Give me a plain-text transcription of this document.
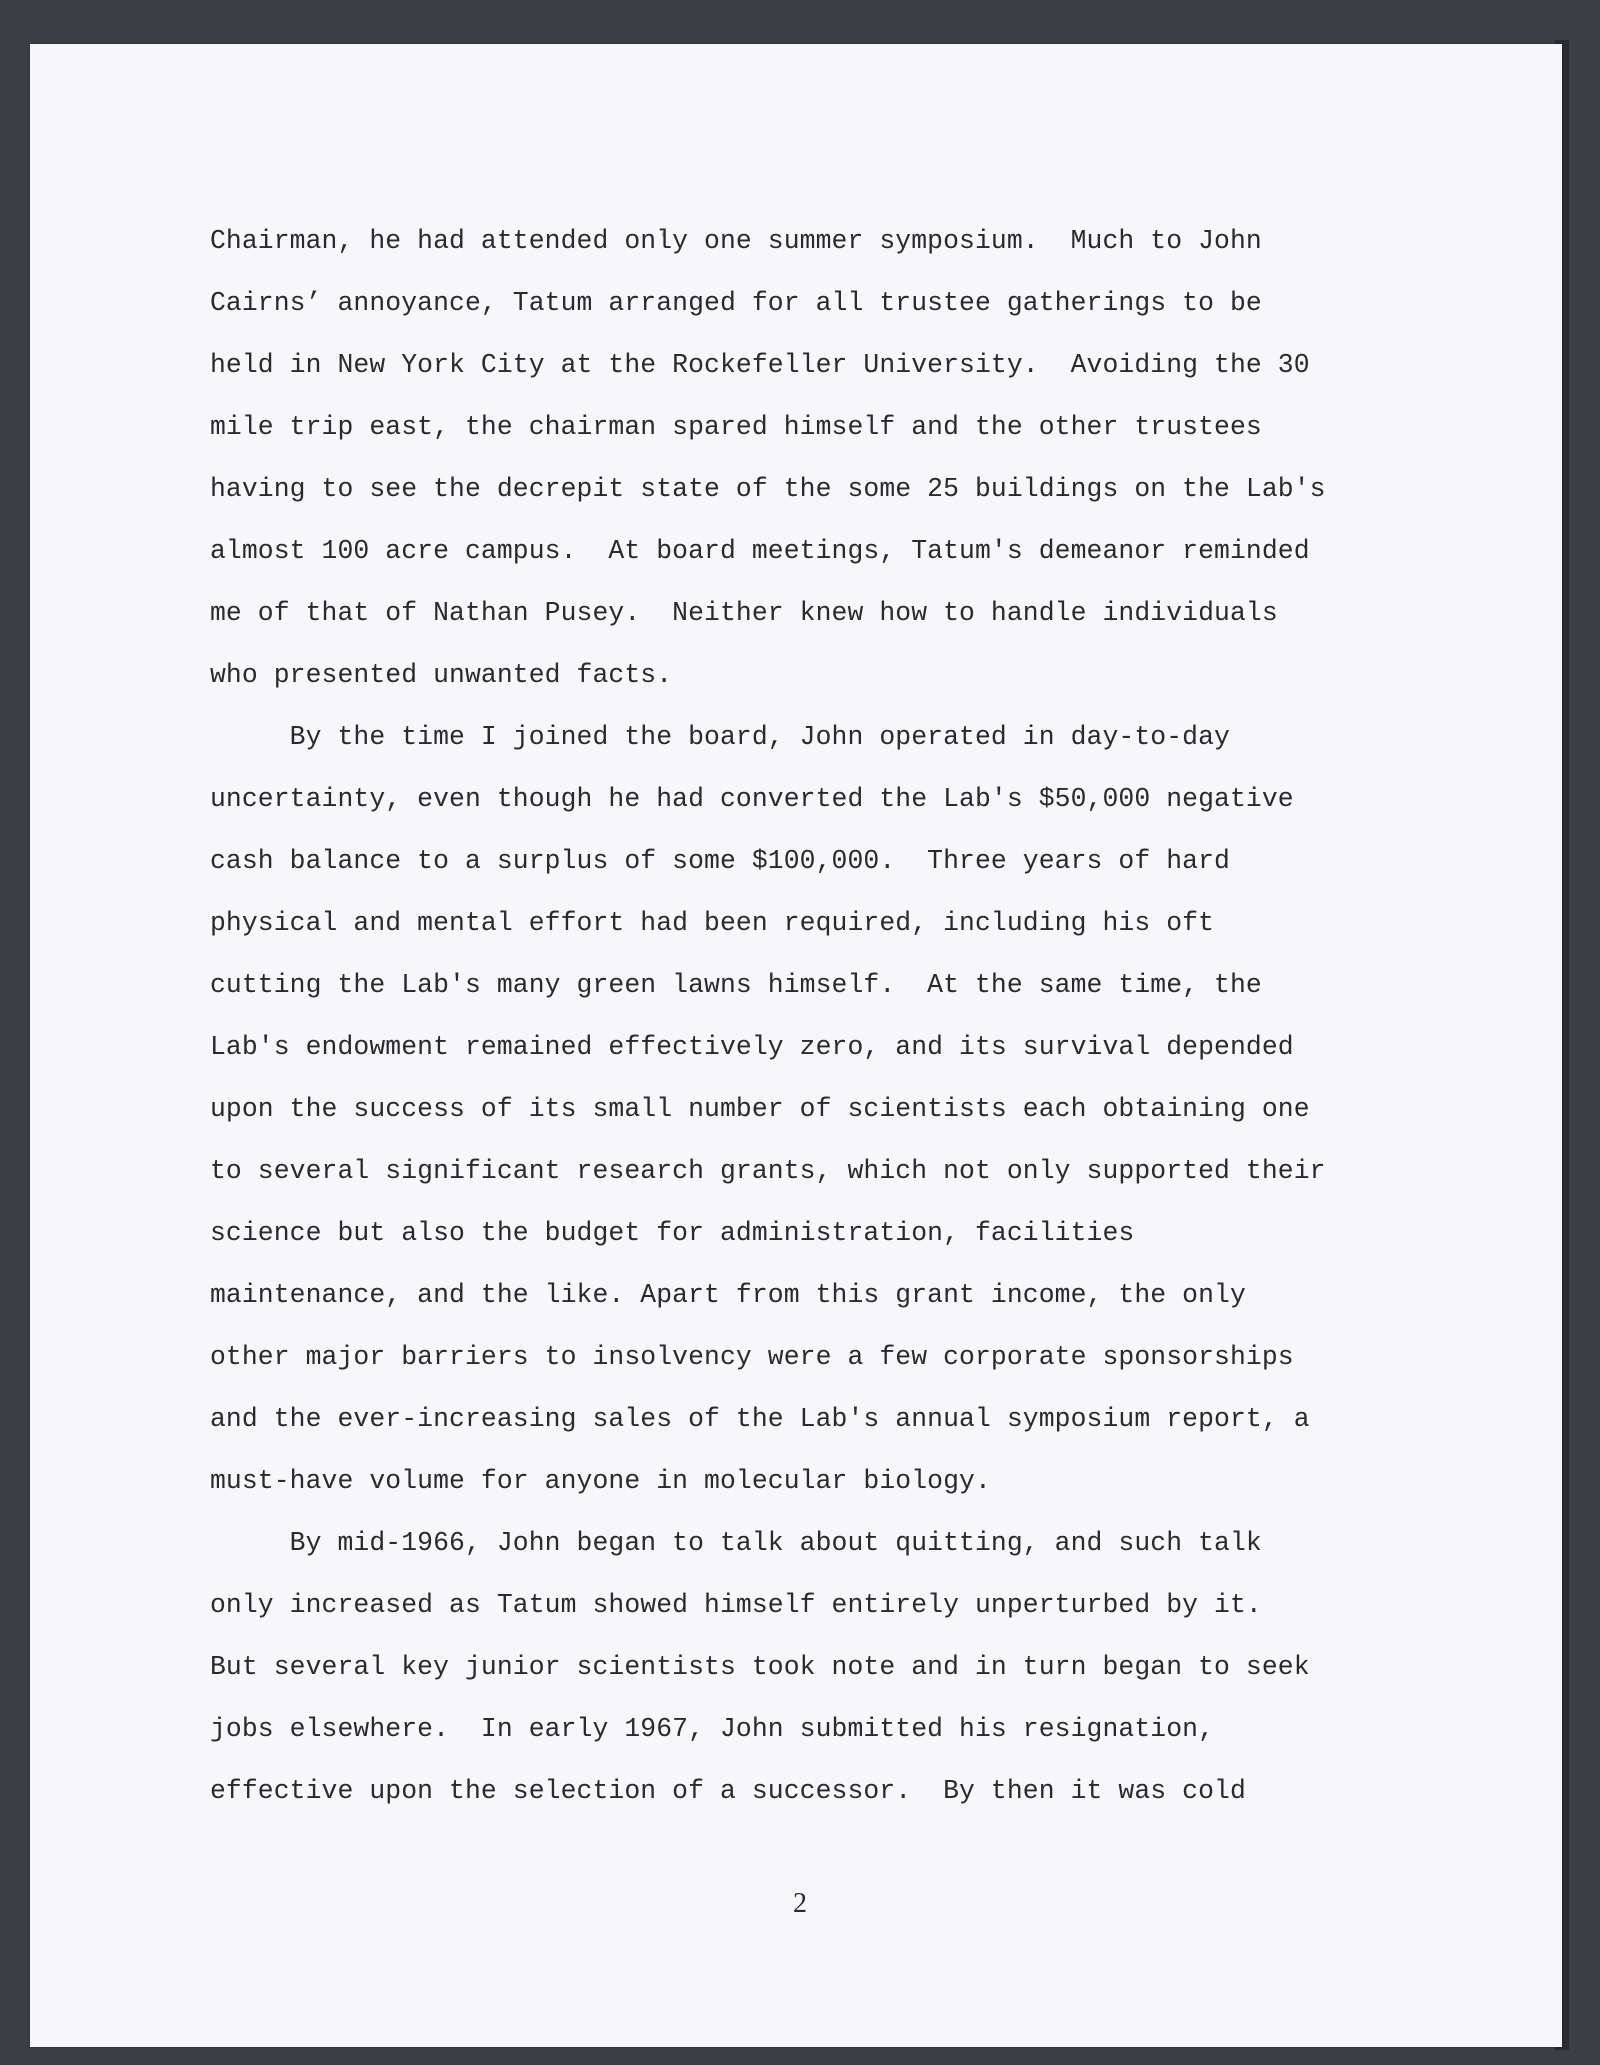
Chairman, he had attended only one summer symposium.  Much to John
Cairns’ annoyance, Tatum arranged for all trustee gatherings to be
held in New York City at the Rockefeller University.  Avoiding the 30
mile trip east, the chairman spared himself and the other trustees
having to see the decrepit state of the some 25 buildings on the Lab's
almost 100 acre campus.  At board meetings, Tatum's demeanor reminded
me of that of Nathan Pusey.  Neither knew how to handle individuals
who presented unwanted facts.
By the time I joined the board, John operated in day-to-day
uncertainty, even though he had converted the Lab's $50,000 negative
cash balance to a surplus of some $100,000.  Three years of hard
physical and mental effort had been required, including his oft
cutting the Lab's many green lawns himself.  At the same time, the
Lab's endowment remained effectively zero, and its survival depended
upon the success of its small number of scientists each obtaining one
to several significant research grants, which not only supported their
science but also the budget for administration, facilities
maintenance, and the like. Apart from this grant income, the only
other major barriers to insolvency were a few corporate sponsorships
and the ever-increasing sales of the Lab's annual symposium report, a
must-have volume for anyone in molecular biology.
By mid-1966, John began to talk about quitting, and such talk
only increased as Tatum showed himself entirely unperturbed by it.
But several key junior scientists took note and in turn began to seek
jobs elsewhere.  In early 1967, John submitted his resignation,
effective upon the selection of a successor.  By then it was cold
2
